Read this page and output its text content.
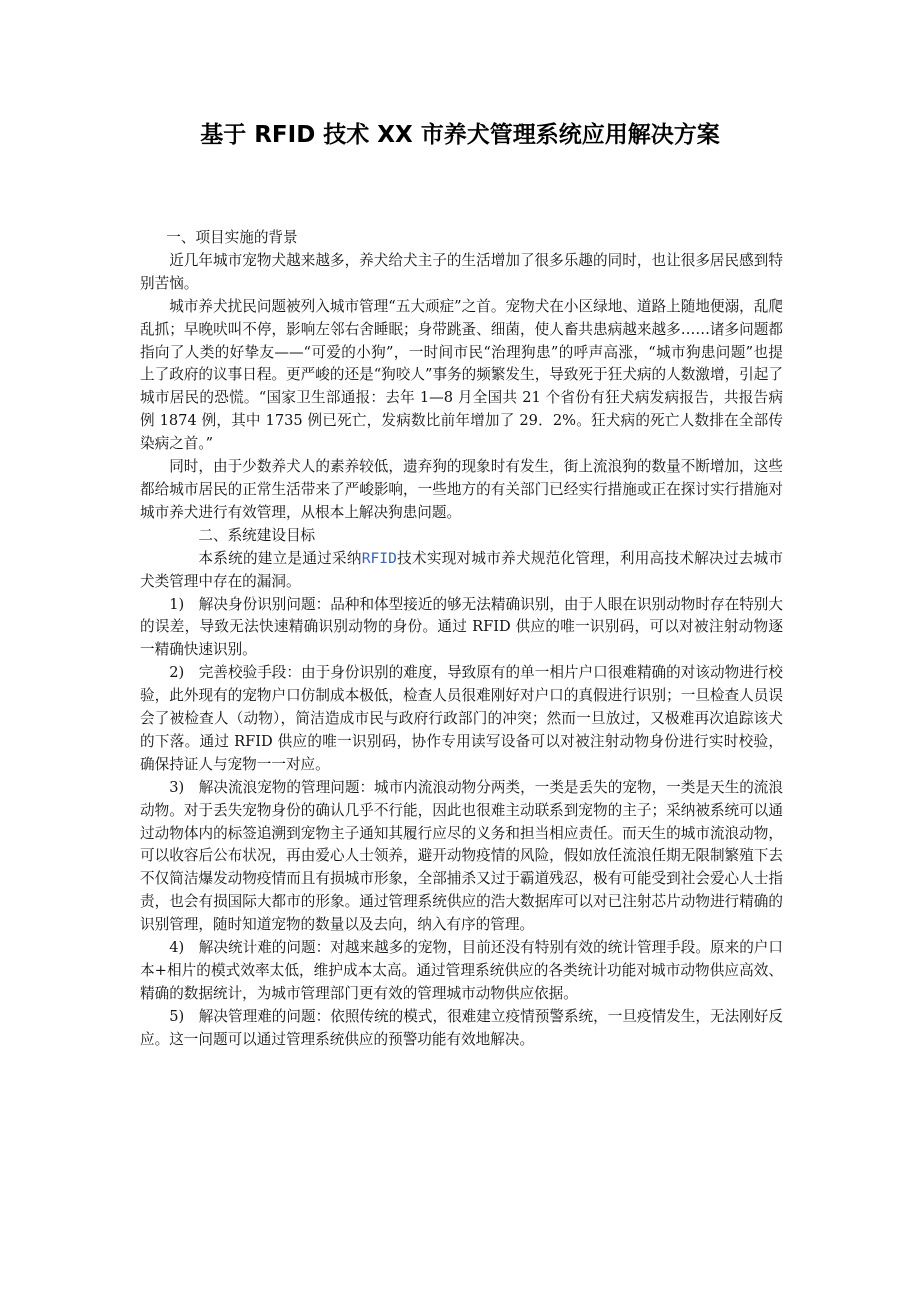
基于 RFID 技术 XX 市养犬管理系统应用解决方案

一、项目实施的背景

近几年城市宠物犬越来越多，养犬给犬主子的生活增加了很多乐趣的同时，也让很多居民感到特别苦恼。

城市养犬扰民问题被列入城市管理“五大顽症”之首。宠物犬在小区绿地、道路上随地便溺，乱爬乱抓；早晚吠叫不停，影响左邻右舍睡眠；身带跳蚤、细菌，使人畜共患病越来越多……诸多问题都指向了人类的好挚友——“可爱的小狗”，一时间市民“治理狗患”的呼声高涨，“城市狗患问题”也提上了政府的议事日程。更严峻的还是“狗咬人”事务的频繁发生，导致死于狂犬病的人数激增，引起了城市居民的恐慌。“国家卫生部通报：去年 1—8 月全国共 21 个省份有狂犬病发病报告，共报告病例 1874 例，其中 1735 例已死亡，发病数比前年增加了 29．2%。狂犬病的死亡人数排在全部传染病之首。”

同时，由于少数养犬人的素养较低，遗弃狗的现象时有发生，街上流浪狗的数量不断增加，这些都给城市居民的正常生活带来了严峻影响，一些地方的有关部门已经实行措施或正在探讨实行措施对城市养犬进行有效管理，从根本上解决狗患问题。

二、系统建设目标

本系统的建立是通过采纳RFID技术实现对城市养犬规范化管理，利用高技术解决过去城市犬类管理中存在的漏洞。

1)　解决身份识别问题：品种和体型接近的够无法精确识别，由于人眼在识别动物时存在特别大的误差，导致无法快速精确识别动物的身份。通过 RFID 供应的唯一识别码，可以对被注射动物逐一精确快速识别。

2)　完善校验手段：由于身份识别的难度，导致原有的单一相片户口很难精确的对该动物进行校验，此外现有的宠物户口仿制成本极低，检查人员很难刚好对户口的真假进行识别；一旦检查人员误会了被检查人（动物），简洁造成市民与政府行政部门的冲突；然而一旦放过，又极难再次追踪该犬的下落。通过 RFID 供应的唯一识别码，协作专用读写设备可以对被注射动物身份进行实时校验，确保持证人与宠物一一对应。

3)　解决流浪宠物的管理问题：城市内流浪动物分两类，一类是丢失的宠物，一类是天生的流浪动物。对于丢失宠物身份的确认几乎不行能，因此也很难主动联系到宠物的主子；采纳被系统可以通过动物体内的标签追溯到宠物主子通知其履行应尽的义务和担当相应责任。而天生的城市流浪动物，可以收容后公布状况，再由爱心人士领养，避开动物疫情的风险，假如放任流浪任期无限制繁殖下去不仅简洁爆发动物疫情而且有损城市形象，全部捕杀又过于霸道残忍，极有可能受到社会爱心人士指责，也会有损国际大都市的形象。通过管理系统供应的浩大数据库可以对已注射芯片动物进行精确的识别管理，随时知道宠物的数量以及去向，纳入有序的管理。

4)　解决统计难的问题：对越来越多的宠物，目前还没有特别有效的统计管理手段。原来的户口本+相片的模式效率太低，维护成本太高。通过管理系统供应的各类统计功能对城市动物供应高效、精确的数据统计，为城市管理部门更有效的管理城市动物供应依据。

5)　解决管理难的问题：依照传统的模式，很难建立疫情预警系统，一旦疫情发生，无法刚好反应。这一问题可以通过管理系统供应的预警功能有效地解决。
